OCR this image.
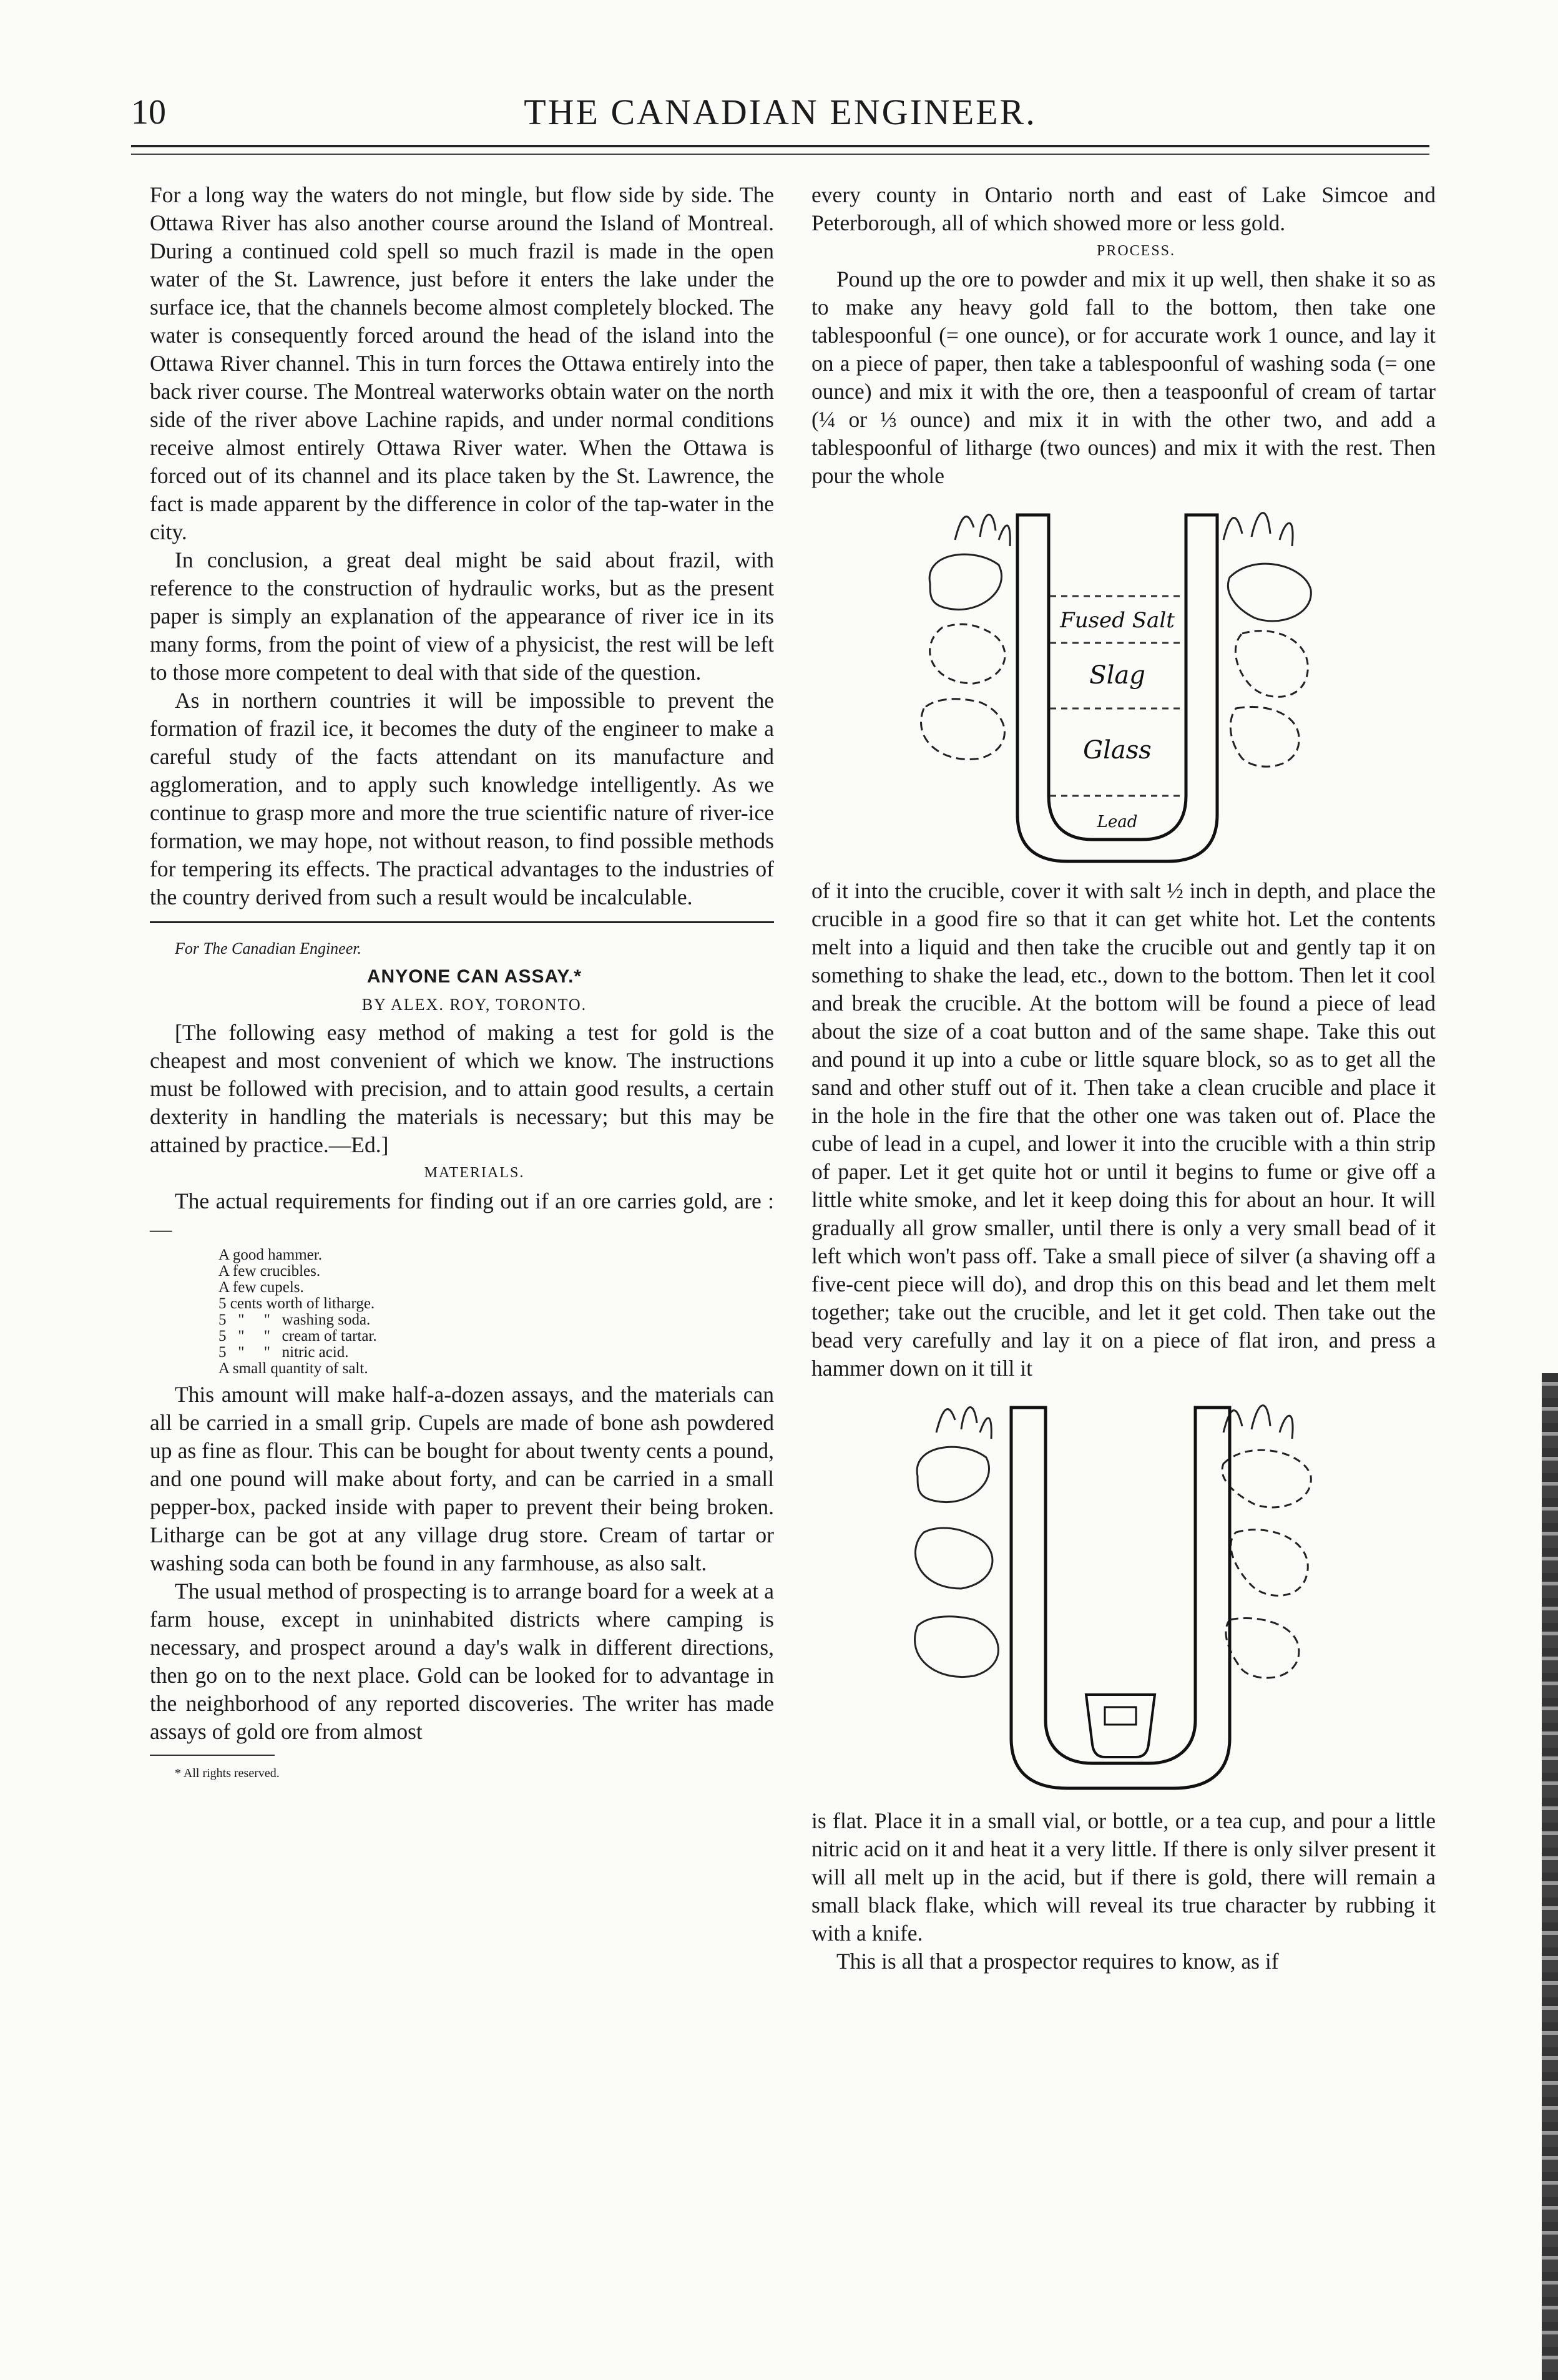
10	THE CANADIAN ENGINEER.

For a long way the waters do not mingle, but flow side by side. The Ottawa River has also another course around the Island of Montreal. During a continued cold spell so much frazil is made in the open water of the St. Lawrence, just before it enters the lake under the surface ice, that the channels become almost completely blocked. The water is consequently forced around the head of the island into the Ottawa River channel. This in turn forces the Ottawa entirely into the back river course. The Montreal waterworks obtain water on the north side of the river above Lachine rapids, and under normal conditions receive almost entirely Ottawa River water. When the Ottawa is forced out of its channel and its place taken by the St. Lawrence, the fact is made apparent by the difference in color of the tap-water in the city.

In conclusion, a great deal might be said about frazil, with reference to the construction of hydraulic works, but as the present paper is simply an explanation of the appearance of river ice in its many forms, from the point of view of a physicist, the rest will be left to those more competent to deal with that side of the question.

As in northern countries it will be impossible to prevent the formation of frazil ice, it becomes the duty of the engineer to make a careful study of the facts attendant on its manufacture and agglomeration, and to apply such knowledge intelligently. As we continue to grasp more and more the true scientific nature of river-ice formation, we may hope, not without reason, to find possible methods for tempering its effects. The practical advantages to the industries of the country derived from such a result would be incalculable.

For The Canadian Engineer.

ANYONE CAN ASSAY.*

BY ALEX. ROY, TORONTO.

[The following easy method of making a test for gold is the cheapest and most convenient of which we know. The instructions must be followed with precision, and to attain good results, a certain dexterity in handling the materials is necessary; but this may be attained by practice.—Ed.]

MATERIALS.

The actual requirements for finding out if an ore carries gold, are :—

A good hammer.
A few crucibles.
A few cupels.
5 cents worth of litharge.
5   "     "   washing soda.
5   "     "   cream of tartar.
5   "     "   nitric acid.
A small quantity of salt.

This amount will make half-a-dozen assays, and the materials can all be carried in a small grip. Cupels are made of bone ash powdered up as fine as flour. This can be bought for about twenty cents a pound, and one pound will make about forty, and can be carried in a small pepper-box, packed inside with paper to prevent their being broken. Litharge can be got at any village drug store. Cream of tartar or washing soda can both be found in any farmhouse, as also salt.

The usual method of prospecting is to arrange board for a week at a farm house, except in uninhabited districts where camping is necessary, and prospect around a day's walk in different directions, then go on to the next place. Gold can be looked for to advantage in the neighborhood of any reported discoveries. The writer has made assays of gold ore from almost

* All rights reserved.

every county in Ontario north and east of Lake Simcoe and Peterborough, all of which showed more or less gold.

PROCESS.

Pound up the ore to powder and mix it up well, then shake it so as to make any heavy gold fall to the bottom, then take one tablespoonful (= one ounce), or for accurate work 1 ounce, and lay it on a piece of paper, then take a tablespoonful of washing soda (= one ounce) and mix it with the ore, then a teaspoonful of cream of tartar (¼ or ⅓ ounce) and mix it in with the other two, and add a tablespoonful of litharge (two ounces) and mix it with the rest. Then pour the whole

Fused Salt
Slag
Glass
Lead

of it into the crucible, cover it with salt ½ inch in depth, and place the crucible in a good fire so that it can get white hot. Let the contents melt into a liquid and then take the crucible out and gently tap it on something to shake the lead, etc., down to the bottom. Then let it cool and break the crucible. At the bottom will be found a piece of lead about the size of a coat button and of the same shape. Take this out and pound it up into a cube or little square block, so as to get all the sand and other stuff out of it. Then take a clean crucible and place it in the hole in the fire that the other one was taken out of. Place the cube of lead in a cupel, and lower it into the crucible with a thin strip of paper. Let it get quite hot or until it begins to fume or give off a little white smoke, and let it keep doing this for about an hour. It will gradually all grow smaller, until there is only a very small bead of it left which won't pass off. Take a small piece of silver (a shaving off a five-cent piece will do), and drop this on this bead and let them melt together; take out the crucible, and let it get cold. Then take out the bead very carefully and lay it on a piece of flat iron, and press a hammer down on it till it

is flat. Place it in a small vial, or bottle, or a tea cup, and pour a little nitric acid on it and heat it a very little. If there is only silver present it will all melt up in the acid, but if there is gold, there will remain a small black flake, which will reveal its true character by rubbing it with a knife.

This is all that a prospector requires to know, as if
